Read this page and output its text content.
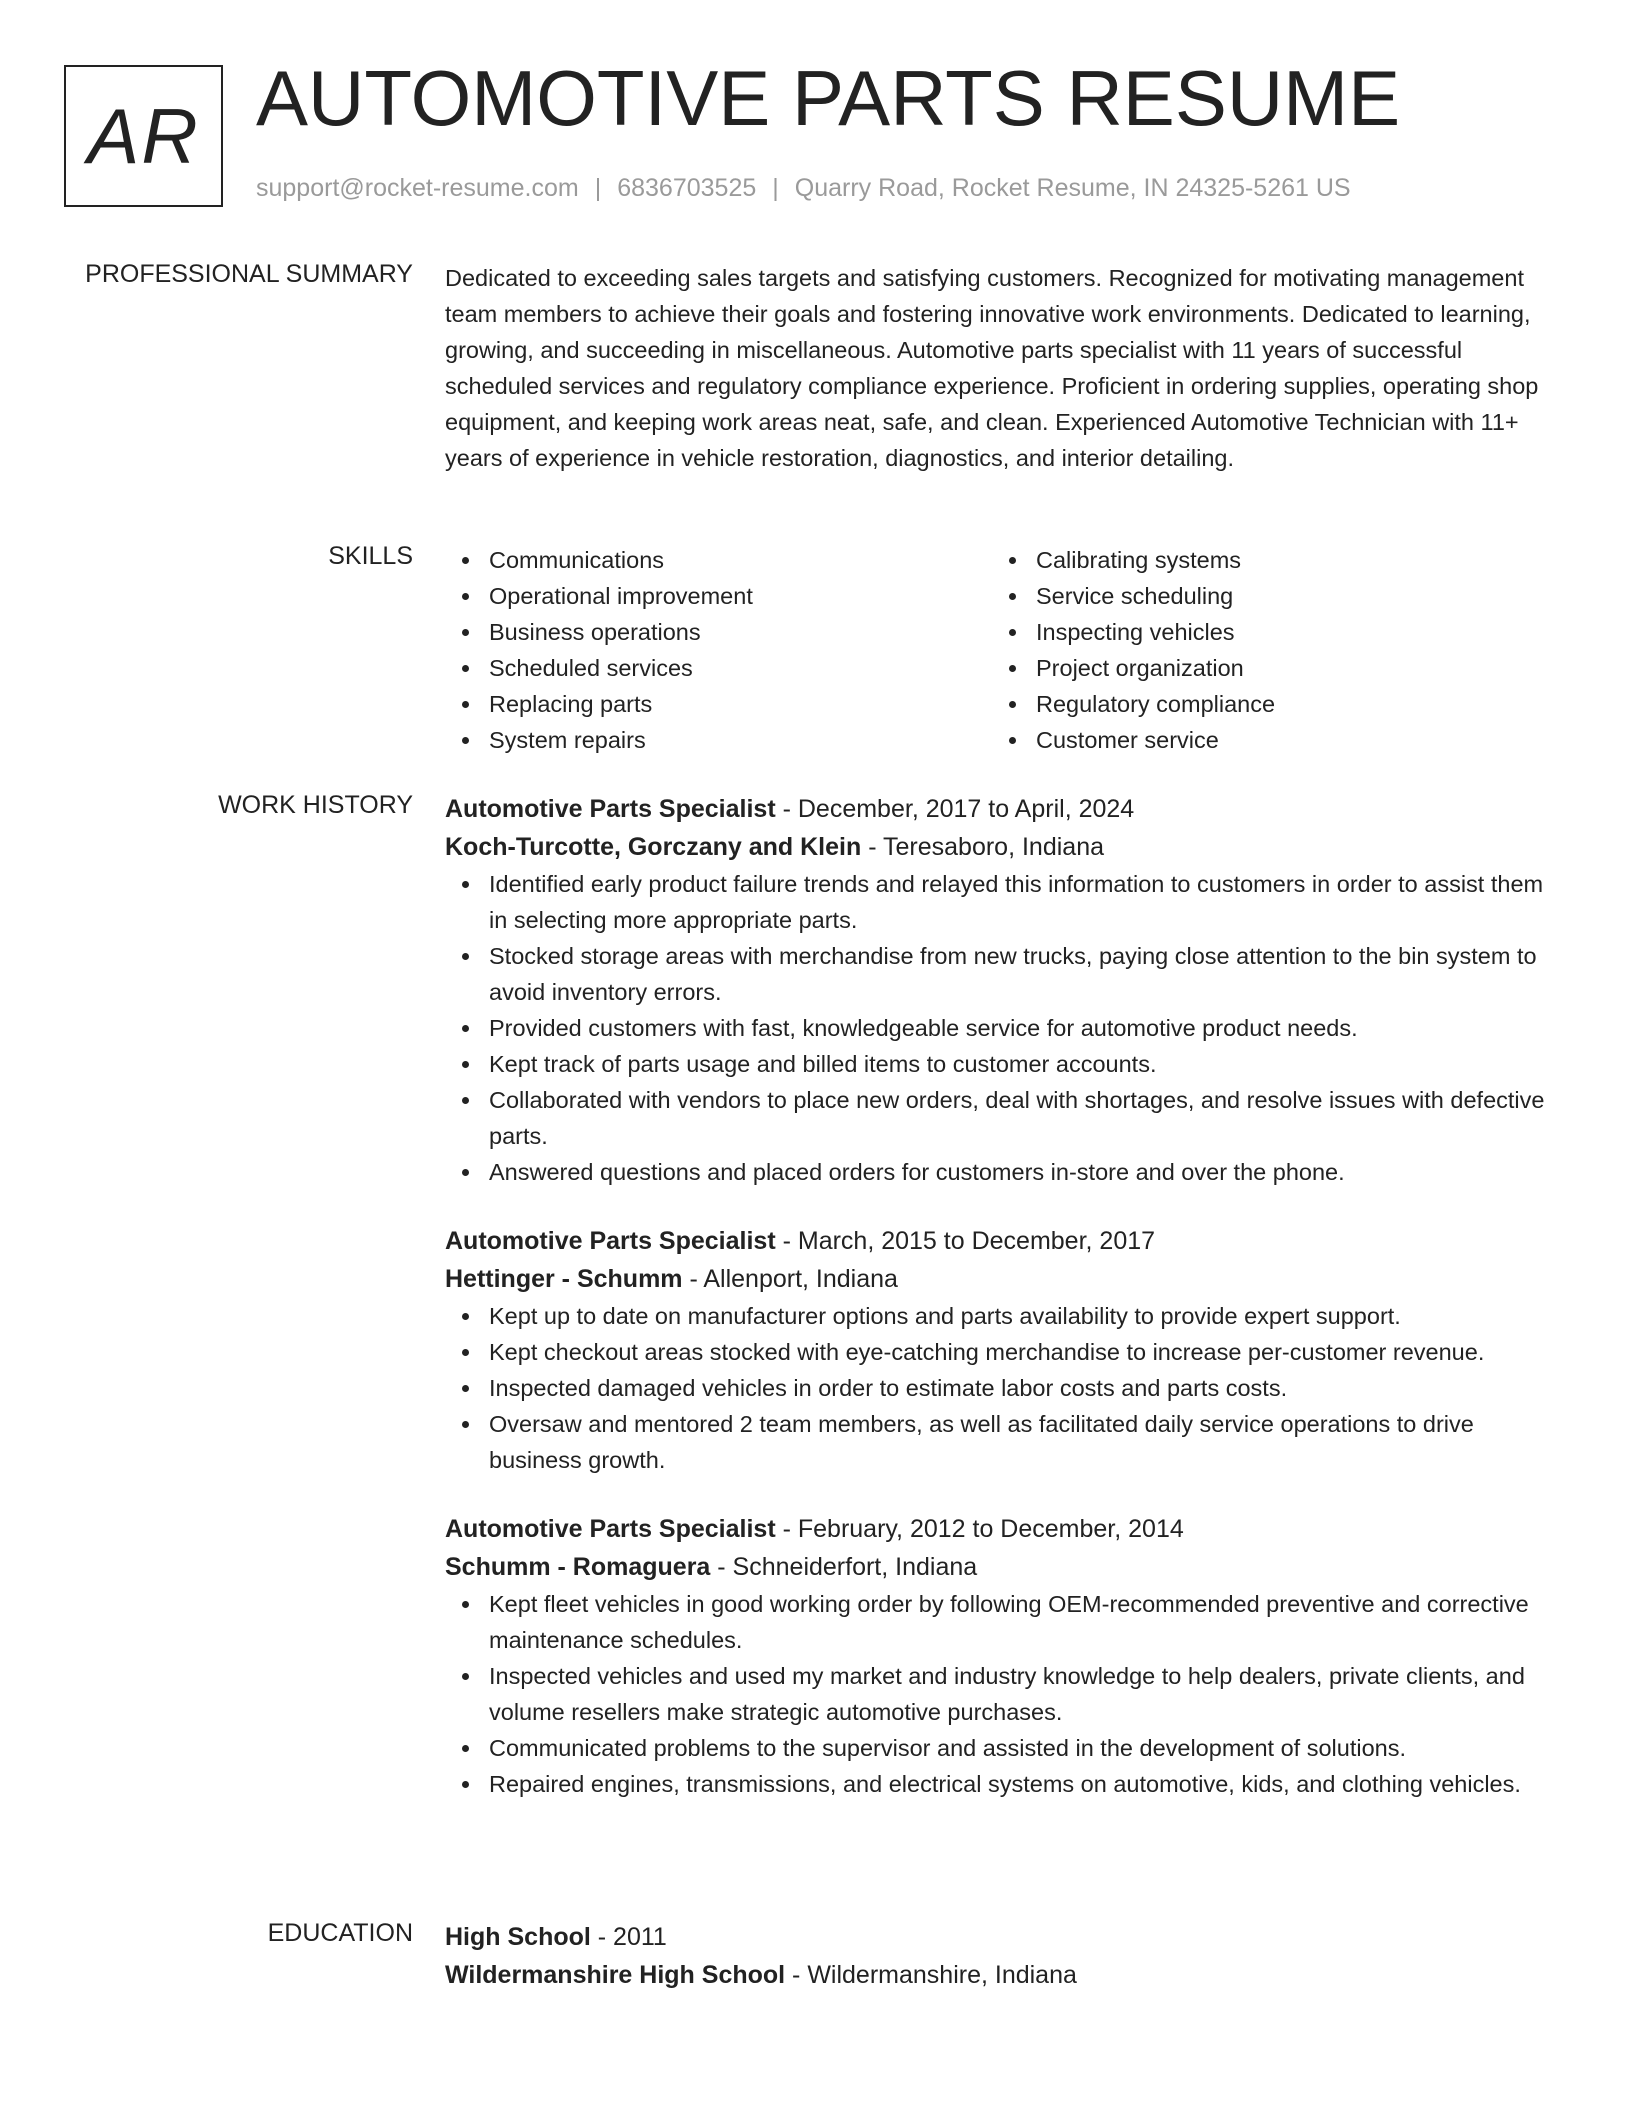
AR AUTOMOTIVE PARTS RESUME
support@rocket-resume.com | 6836703525 | Quarry Road, Rocket Resume, IN 24325-5261 US
PROFESSIONAL SUMMARY Dedicated to exceeding sales targets and satisfying customers. Recognized for motivating management team members to achieve their goals and fostering innovative work environments. Dedicated to learning, growing, and succeeding in miscellaneous. Automotive parts specialist with 11 years of successful scheduled services and regulatory compliance experience. Proficient in ordering supplies, operating shop equipment, and keeping work areas neat, safe, and clean. Experienced Automotive Technician with 11+ years of experience in vehicle restoration, diagnostics, and interior detailing.

SKILLS	Communications
Operational improvement
Business operations
Scheduled services
Replacing parts
System repairs
Calibrating systems
Service scheduling
Inspecting vehicles
Project organization
Regulatory compliance
Customer service
WORK HISTORY Automotive Parts Specialist - December, 2017 to April, 2024
Koch-Turcotte, Gorczany and Klein - Teresaboro, Indiana
Identified early product failure trends and relayed this information to customers in order to assist them in selecting more appropriate parts.
Stocked storage areas with merchandise from new trucks, paying close attention to the bin system to avoid inventory errors.
Provided customers with fast, knowledgeable service for automotive product needs.
Kept track of parts usage and billed items to customer accounts.
Collaborated with vendors to place new orders, deal with shortages, and resolve issues with defective parts.
Answered questions and placed orders for customers in-store and over the phone.
Automotive Parts Specialist - March, 2015 to December, 2017
Hettinger - Schumm - Allenport, Indiana
Kept up to date on manufacturer options and parts availability to provide expert support.
Kept checkout areas stocked with eye-catching merchandise to increase per-customer revenue.
Inspected damaged vehicles in order to estimate labor costs and parts costs.
Oversaw and mentored 2 team members, as well as facilitated daily service operations to drive business growth.
Automotive Parts Specialist - February, 2012 to December, 2014
Schumm - Romaguera - Schneiderfort, Indiana
Kept fleet vehicles in good working order by following OEM-recommended preventive and corrective maintenance schedules.
Inspected vehicles and used my market and industry knowledge to help dealers, private clients, and volume resellers make strategic automotive purchases.
Communicated problems to the supervisor and assisted in the development of solutions.
Repaired engines, transmissions, and electrical systems on automotive, kids, and clothing vehicles.
EDUCATION High School - 2011
Wildermanshire High School - Wildermanshire, Indiana
